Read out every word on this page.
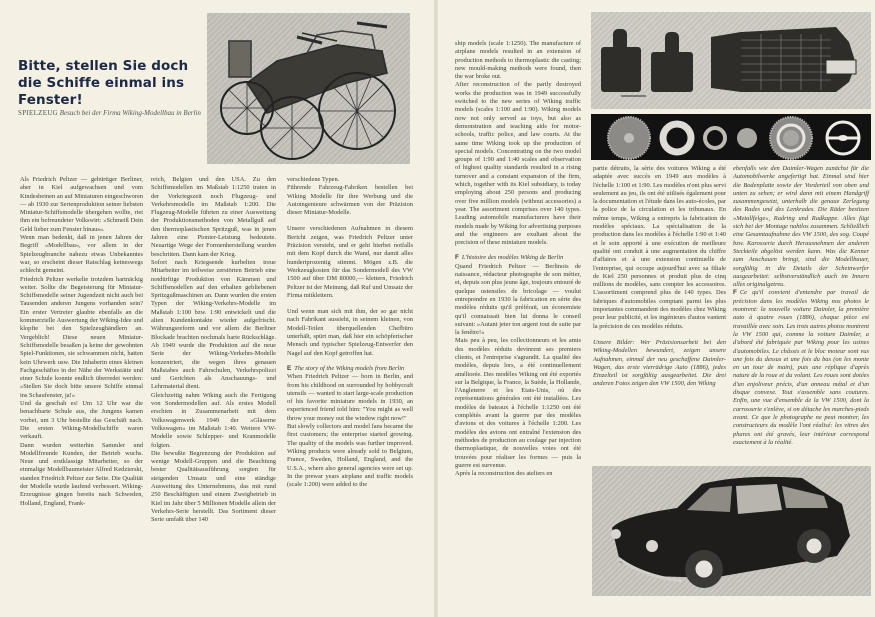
Bitte, stellen Sie doch die Schiffe einmal ins Fenster!
SPIELZEUG Besuch bei der Firma Wiking-Modellbau in Berlin

Als Friedrich Peltzer — gebürtiger Berliner, aber in Kiel aufgewachsen und vom Kindesbeinen an auf Miniaturen eingeschworen — ab 1930 zur Serienproduktion seiner liebsten Miniatur-Schiffsmodelle übergehen wollte, riet ihm ein befreundeter Volkswirt: »Schmeiß Dein Geld lieber zum Fenster hinaus«.

Wenn man bedenkt, daß in jenen Jahren der Begriff »Modellbau«, vor allem in der Spielzeugbranche nahezu etwas Unbekanntes war, so erscheint dieser Ratschlag keineswegs schlecht gemeint.

Friedrich Peltzer werkelte trotzdem hartnäckig weiter. Sollte die Begeisterung für Miniatur-Schiffsmodelle seiner Jugendzeit nicht auch bei Tausenden anderen Jungens vorhanden sein? Ein erster Vertreter glaubte ebenfalls an die kommerzielle Auswertung der Wiking-Idee und klopfte bei den Spielzeughändlern an. Vergeblich! Diese neuen Miniatur-Schiffsmodelle besaßen ja keine der gewohnten Spiel-Funktionen, sie schwammen nicht, hatten kein Uhrwerk usw. Die Inhaberin eines kleinen Fachgeschäftes in der Nähe der Werkstätte und einer Schule konnte endlich überredet werden: »Stellen Sie doch bitte unsere Schiffe einmal ins Schaufenster, ja!«

Und da geschah es! Um 12 Uhr war die benachbarte Schule aus, die Jungens kamen vorbei, um 3 Uhr bestellte das Geschäft nach. Die ersten Wiking-Modellschiffe waren verkauft.

Dann wurden weiterhin Sammler und Modellfreunde Kunden, der Betrieb wuchs. Neue und erstklassige Mitarbeiter, so der einmalige Modellbaumeister Alfred Kedzierski, standen Friedrich Peltzer zur Seite. Die Qualität der Modelle wurde laufend verbessert. Wiking-Erzeugnisse gingen bereits nach Schweden, Holland, England, Frank-

reich, Belgien und den USA. Zu den Schiffsmodellen im Maßstab 1:1250 traten in der Vorkriegszeit noch Flugzeug- und Verkehrsmodelle im Maßstab 1:200. Die Flugzeug-Modelle führten zu einer Ausweitung der Produktionsmethoden von Metallguß auf den thermoplastischen Spritzguß, was in jenen Jahren eine Pionier-Leistung bedeutete. Neuartige Wege der Formenherstellung wurden beschritten. Dann kam der Krieg.

Sofort nach Kriegsende kurbelten treue Mitarbeiter im teilweise zerstörten Betrieb eine notdürftige Produktion von Kämmen und Schiffsmodellen auf den erhalten gebliebenen Spritzgußmaschinen an. Dann wurden die ersten Typen der Wiking-Verkehrs-Modelle im Maßstab 1:100 bzw. 1:90 entwickelt und die alten Kundenkontakte wieder aufgefrischt. Währungsreform und vor allem die Berliner Blockade brachten nochmals harte Rückschläge. Ab 1949 wurde die Produktion auf die neue Serie der Wiking-Verkehrs-Modelle konzentriert, die wegen ihres genauen Maßstabes auch Fahrschulen, Verkehrspolizei und Gerichten als Anschauungs- und Lehrmaterial dient.

Gleichzeitig nahm Wiking auch die Fertigung von Sondermodellen auf. Als erstes Modell erschien in Zusammenarbeit mit dem Volkswagenwerk 1949 der »Gläserne Volkswagen« im Maßstab 1:40. Weitere VW-Modelle sowie Schlepper- und Kranmodelle folgten.

Die bewußte Begrenzung der Produktion auf wenige Modell-Gruppen und die Beachtung bester Qualitätsausführung sorgten für steigenden Umsatz und eine ständige Ausweitung des Unternehmens, das mit rund 250 Beschäftigten und einem Zweigbetrieb in Kiel im Jahr über 5 Millionen Modelle allein der Verkehrs-Serie herstellt. Das Sortiment dieser Serie umfaßt über 140

verschiedene Typen.

Führende Fahrzeug-Fabriken bestellen bei Wiking Modelle für ihre Werbung und die Autoingenieure schwärmen von der Präzision dieser Miniatur-Modelle.

Unsere verschiedenen Aufnahmen in diesem Bericht zeigen, was Friedrich Peltzer unter Präzision versteht, und er geht hierbei notfalls mit dem Kopf durch die Wand, nur damit alles hundertprozentig stimmt. Mögen z.B. die Werkzeugkosten für das Sondermodell des VW 1500 auf über DM 80000,— klettern, Friedrich Peltzer ist der Meinung, daß Ruf und Umsatz der Firma mitklettern.

Und wenn man sich mit ihm, der so gar nicht nach Fabrikant aussieht, in seinem kleinen, von Modell-Teilen überquellenden Chefbüro unterhält, spürt man, daß hier ein schöpferischer Mensch und typischer Spielzeug-Entwerfer den Nagel auf den Kopf getroffen hat.

E The story of the Wiking models from Berlin

When Friedrich Peltzer — born in Berlin, and from his childhood on surrounded by hobbycraft utensils — wanted to start large-scale production of his favorite miniature models in 1930, an experienced friend told him: "You might as well throw your money out the window right now!"

But slowly collectors and model fans became the first customers; the enterprise started growing. The quality of the models was further improved. Wiking products were already sold to Belgium, France, Sweden, Holland, England, and the U.S.A., where also general agencies were set up. In the prewar years airplane and traffic models (scale 1:200) were added to the

ship models (scale 1:1250). The manufacture of airplane models resulted in an extension of production methods to thermoplastic die casting; new mould-making methods were found, then the war broke out.

After reconstruction of the partly destroyed works the production was in 1949 successfully switched to the new series of Wiking traffic models (scales 1:100 and 1:90). Wiking models now not only served as toys, but also as demonstration and teaching aids for motor-schools, traffic police, and law courts. At the same time Wiking took up the production of special models. Concentrating on the two model groups of 1:90 and 1:40 scales and observation of highest quality standards resulted in a rising turnover and a constant expansion of the firm, which, together with its Kiel subsidiary, is today employing about 250 persons and producing over five million models (without accessories) a year. The assortment comprises over 140 types. Leading automobile manufacturers have their models made by Wiking for advertising purposes and the engineers are exultant about the precision of these miniature models.

F L'histoire des modèles Wiking de Berlin

Quand Friedrich Peltzer — Berlinois de naissance, rédacteur photographe de son métier, et, depuis son plus jeune âge, toujours entouré de quelque ustensiles de bricolage — voulut entreprendre en 1930 la fabrication en série des modèles réduits qu'il préférait, un économiste qu'il connaissait bien lui donna le conseil suivant: »Autant jeter ton argent tout de suite par la fenêtre!«

Mais peu à peu, les collectionneurs et les amis des modèles réduits devinrent ses premiers clients, et l'entreprise s'agrandit. La qualité des modèles, depuis lors, a été continuellement améliorée. Des modèles Wiking ont été exportés sur la Belgique, la France, la Suède, la Hollande, l'Angleterre et les Etats-Unis, où des représentations générales ont été installées. Les modèles de bateaux à l'échelle 1:1250 ont été complétés avant la guerre par des modèles d'avions et des voitures à l'échelle 1:200. Les modèles des avions ont entraîné l'extension des méthodes de production au coulage par injection thermoplastique, de nouvelles voies ont été trouvées pour réaliser les formes — puis la guerre est survenue.

Après la reconstruction des ateliers en

partie détruits, la série des voitures Wiking a été adaptée avec succès en 1949 aux modèles à l'échelle 1:100 et 1:90. Les modèles n'ont plus servi seulement au jeu, ils ont été utilisés également pour la documentation et l'étude dans les auto-écoles, par la police de la circulation et les tribunaux. En même temps, Wiking a entrepris la fabrication de modèles spéciaux. La spécialisation de la production dans les modèles à l'échelle 1:90 et 1:40 et le soin apporté à une exécution de meilleure qualité ont conduit à une augmentation du chiffre d'affaires et à une extension continuelle de l'entreprise, qui occupe aujourd'hui avec sa filiale de Kiel 250 personnes et produit plus de cinq millions de modèles, sans compter les accessoires. L'assortiment comprend plus de 140 types. Des fabriques d'automobiles comptant parmi les plus importantes commandent des modèles chez Wiking pour leur publicité, et les ingénieurs d'autos vantent la précision de ces modèles réduits.

Unsere Bilder: Wer Präzisionsarbeit bei den Wiking-Modellen bewundert, zeigen unsere Aufnahmen, einmal der neu geschaffene Daimler-Wagen, das erste vierrädrige Auto (1886), jedes Einzelteil ist sorgfältig ausgearbeitet. Die drei anderen Fotos zeigen den VW 1500, den Wiking

ebenfalls wie den Daimler-Wagen zunächst für die Automobilwerke angefertigt hat. Einmal sind hier die Bodenplatte sowie der Vorderteil von oben und unten zu sehen; er wird dann mit einem Handgriff zusammengesetzt, unterhalb die genaue Zerlegung des Rades und des Lenkrades. Die Räder besitzen »Metallfelge«, Radring und Radkappe. Alles fügt sich bei der Montage nahtlos zusammen. Schließlich eine Gesamtaufnahme des VW 1500, des sog. Coupé bzw. Karosserie durch Herausnehmen der anderen Steckteile abgelöst werden kann. Was die Kenner zum Anschauen bringt, sind die Modellbauer, sorgfältig in die Details der Scheinwerfer ausgearbeitet: selbstverständlich auch im Innern alles originalgetreu.

F Ce qu'il convient d'entendre par travail de précision dans les modèles Wiking nos photos le montrent: la nouvelle voiture Daimler, la première auto à quatre roues (1886), chaque pièce est travaillée avec soin. Les trois autres photos montrent la VW 1500 qui, comme la voiture Daimler, a d'abord été fabriquée par Wiking pour les usines d'automobiles. Le châssis et le bloc moteur sont vus une fois du dessus et une fois du bas (on les monte en un tour de main), puis une réplique d'après nature de la roue et du volant. Les roues sont dotées d'un enjoliveur précis, d'un anneau métal et d'un disque convexe. Tout s'assemble sans coutures. Enfin, une vue d'ensemble de la VW 1500, dont la carrosserie s'enlève, si on détache les marches-pieds avant. Ce que le photographe ne peut montrer, les constructeurs du modèle l'ont réalisé: les vitres des phares ont été gravés, leur intérieur correspond exactement à la réalité.
